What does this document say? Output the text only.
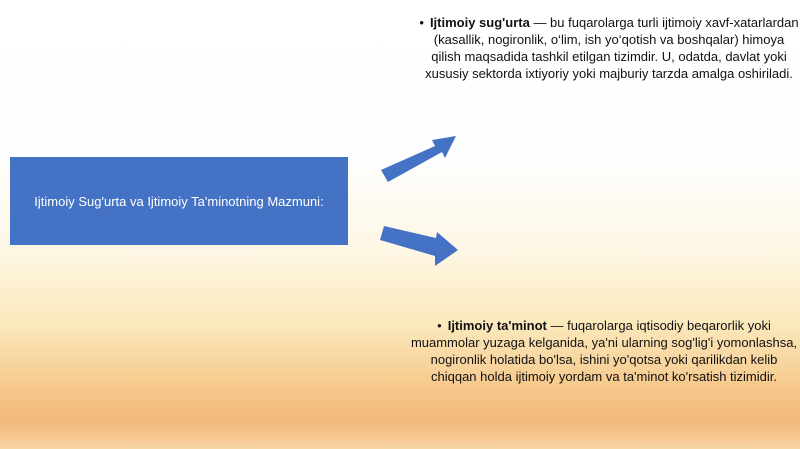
Ijtimoiy Sug'urta va Ijtimoiy Ta'minotning Mazmuni:
• Ijtimoiy sug'urta — bu fuqarolarga turli ijtimoiy xavf-xatarlardan (kasallik, nogironlik, o‘lim, ish yo‘qotish va boshqalar) himoya qilish maqsadida tashkil etilgan tizimdir. U, odatda, davlat yoki xususiy sektorda ixtiyoriy yoki majburiy tarzda amalga oshiriladi.
• Ijtimoiy ta'minot — fuqarolarga iqtisodiy beqarorlik yoki muammolar yuzaga kelganida, ya'ni ularning sog'lig'i yomonlashsa, nogironlik holatida bo'lsa, ishini yo'qotsa yoki qarilikdan kelib chiqqan holda ijtimoiy yordam va ta'minot ko'rsatish tizimidir.
